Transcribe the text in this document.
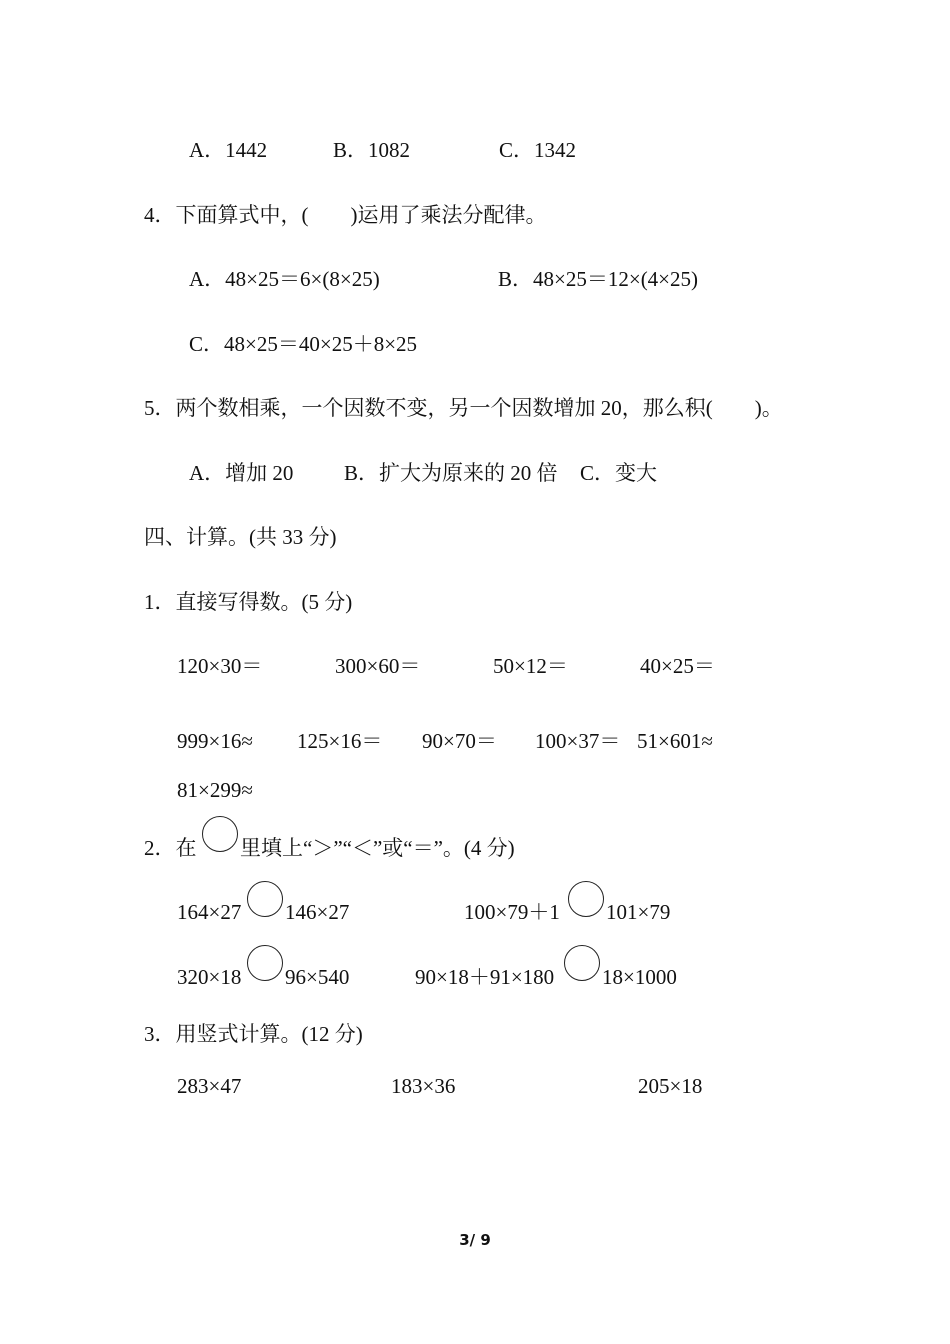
A．1442	B．1082	C．1342
4．下面算式中，(　　)运用了乘法分配律。
A．48×25＝6×(8×25)	B．48×25＝12×(4×25)
C．48×25＝40×25＋8×25
5．两个数相乘，一个因数不变，另一个因数增加 20，那么积(　　)。
A．增加 20 B．扩大为原来的 20 倍 C．变大
四、计算。(共 33 分)
1．直接写得数。(5 分)
120×30＝	300×60＝	50×12＝	40×25＝
999×16≈ 125×16＝ 90×70＝ 100×37＝ 51×601≈
81×299≈
2．在 里填上“＞”“＜”或“＝”。(4 分)
164×27 146×27	100×79＋1 101×79
320×18 96×540	90×18＋91×180 18×1000
3．用竖式计算。(12 分)
283×47	183×36	205×18
3/ 9
